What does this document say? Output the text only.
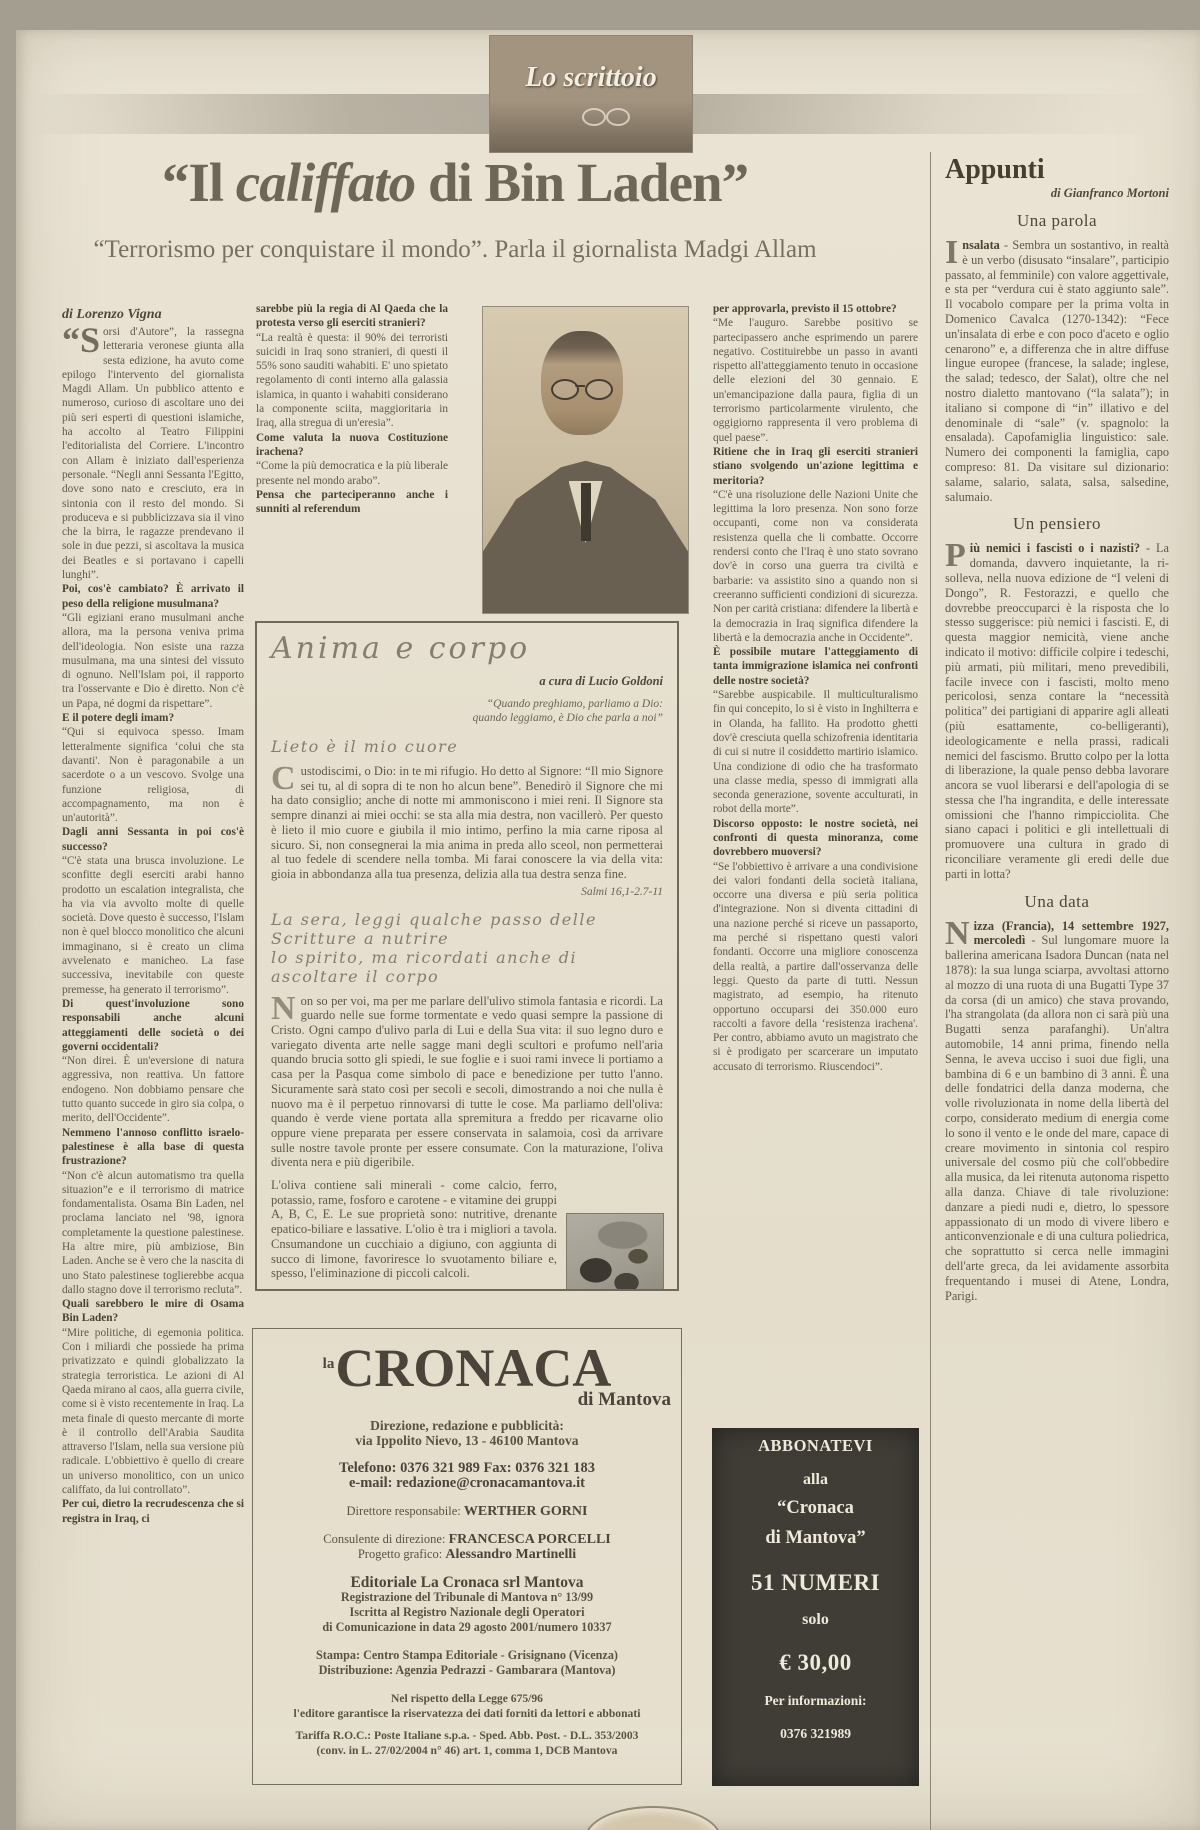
Lo scrittoio
“Il califfato di Bin Laden”
“Terrorismo per conquistare il mondo”. Parla il giornalista Madgi Allam
di Lorenzo Vigna
“Sorsi d'Autore”, la rassegna letteraria veronese giunta alla sesta edizione, ha avuto come epilogo l'intervento del giornalista Magdi Allam. Un pubblico attento e numeroso, curioso di ascoltare uno dei più seri esperti di questioni islamiche, ha accolto al Teatro Filippini l'editorialista del Corriere. L'incontro con Allam è iniziato dall'esperienza personale. “Negli anni Sessanta l'Egitto, dove sono nato e cresciuto, era in sintonia con il resto del mondo. Si produceva e si pubblicizzava sia il vino che la birra, le ragazze prendevano il sole in due pezzi, si ascoltava la musica dei Beatles e si portavano i capelli lunghi”.
Poi, cos'è cambiato? È arrivato il peso della religione musulmana?
“Gli egiziani erano musulmani anche allora, ma la persona veniva prima dell'ideologia. Non esiste una razza musulmana, ma una sintesi del vissuto di ognuno. Nell'Islam poi, il rapporto tra l'osservante e Dio è diretto. Non c'è un Papa, né dogmi da rispettare”.
E il potere degli imam?
“Qui si equivoca spesso. Imam letteralmente significa ‘colui che sta davanti'. Non è paragonabile a un sacerdote o a un vescovo. Svolge una funzione religiosa, di accompagnamento, ma non è un'autorità”.
Dagli anni Sessanta in poi cos'è successo?
“C'è stata una brusca involuzione. Le sconfitte degli eserciti arabi hanno prodotto un escalation integralista, che ha via via avvolto molte di quelle società. Dove questo è successo, l'Islam non è quel blocco monolitico che alcuni immaginano, si è creato un clima avvelenato e manicheo. La fase successiva, inevitabile con queste premesse, ha generato il terrorismo”.
Di quest'involuzione sono responsabili anche alcuni atteggiamenti delle società o dei governi occidentali?
“Non direi. È un'eversione di natura aggressiva, non reattiva. Un fattore endogeno. Non dobbiamo pensare che tutto quanto succede in giro sia colpa, o merito, dell'Occidente”.
Nemmeno l'annoso conflitto israelo-palestinese è alla base di questa frustrazione?
“Non c'è alcun automatismo tra quella situazion”e e il terrorismo di matrice fondamentalista. Osama Bin Laden, nel proclama lanciato nel '98, ignora completamente la questione palestinese. Ha altre mire, più ambiziose, Bin Laden. Anche se è vero che la nascita di uno Stato palestinese toglierebbe acqua dallo stagno dove il terrorismo recluta”.
Quali sarebbero le mire di Osama Bin Laden?
“Mire politiche, di egemonia politica. Con i miliardi che possiede ha prima privatizzato e quindi globalizzato la strategia terroristica. Le azioni di Al Qaeda mirano al caos, alla guerra civile, come si è visto recentemente in Iraq. La meta finale di questo mercante di morte è il controllo dell'Arabia Saudita attraverso l'Islam, nella sua versione più radicale. L'obbiettivo è quello di creare un universo monolitico, con un unico califfato, da lui controllato”.
Per cui, dietro la recrudescenza che si registra in Iraq, ci
sarebbe più la regia di Al Qaeda che la protesta verso gli eserciti stranieri?
“La realtà è questa: il 90% dei terroristi suicidi in Iraq sono stranieri, di questi il 55% sono sauditi wahabiti. E' uno spietato regolamento di conti interno alla galassia islamica, in quanto i wahabiti considerano la componente sciita, maggioritaria in Iraq, alla stregua di un'eresia”.
Come valuta la nuova Costituzione irachena?
“Come la più democratica e la più liberale presente nel mondo arabo”.
Pensa che parteciperanno anche i sunniti al referendum
per approvarla, previsto il 15 ottobre?
“Me l'auguro. Sarebbe positivo se partecipassero anche esprimendo un parere negativo. Costituirebbe un passo in avanti rispetto all'atteggiamento tenuto in occasione delle elezioni del 30 gennaio. E un'emancipazione dalla paura, figlia di un terrorismo particolarmente virulento, che oggigiorno rappresenta il vero problema di quel paese”.
Ritiene che in Iraq gli eserciti stranieri stiano svolgendo un'azione legittima e meritoria?
“C'è una risoluzione delle Nazioni Unite che legittima la loro presenza. Non sono forze occupanti, come non va considerata resistenza quella che li combatte. Occorre rendersi conto che l'Iraq è uno stato sovrano dov'è in corso una guerra tra civiltà e barbarie: va assistito sino a quando non si creeranno sufficienti condizioni di sicurezza. Non per carità cristiana: difendere la libertà e la democrazia in Iraq significa difendere la libertà e la democrazia anche in Occidente”.
È possibile mutare l'atteggiamento di tanta immigrazione islamica nei confronti delle nostre società?
“Sarebbe auspicabile. Il multiculturalismo fin qui concepito, lo si è visto in Inghilterra e in Olanda, ha fallito. Ha prodotto ghetti dov'è cresciuta quella schizofrenia identitaria di cui si nutre il cosiddetto martirio islamico. Una condizione di odio che ha trasformato una classe media, spesso di immigrati alla seconda generazione, sovente acculturati, in robot della morte”.
Discorso opposto: le nostre società, nei confronti di questa minoranza, come dovrebbero muoversi?
“Se l'obbiettivo è arrivare a una condivisione dei valori fondanti della società italiana, occorre una diversa e più seria politica d'integrazione. Non si diventa cittadini di una nazione perché si riceve un passaporto, ma perché si rispettano questi valori fondanti. Occorre una migliore conoscenza della realtà, a partire dall'osservanza delle leggi. Questo da parte di tutti. Nessun magistrato, ad esempio, ha ritenuto opportuno occuparsi dei 350.000 euro raccolti a favore della ‘resistenza irachena'. Per contro, abbiamo avuto un magistrato che si è prodigato per scarcerare un imputato accusato di terrorismo. Riuscendoci”.
Anima e corpo
a cura di Lucio Goldoni
“Quando preghiamo, parliamo a Dio:
quando leggiamo, è Dio che parla a noi”
Lieto è il mio cuore
Custodiscimi, o Dio: in te mi rifugio. Ho detto al Signore: “Il mio Signore sei tu, al di sopra di te non ho alcun bene”. Benedirò il Signore che mi ha dato consiglio; anche di notte mi ammoniscono i miei reni. Il Signore sta sempre dinanzi ai miei occhi: se sta alla mia destra, non vacillerò. Per questo è lieto il mio cuore e giubila il mio intimo, perfino la mia carne riposa al sicuro. Si, non consegnerai la mia anima in preda allo sceol, non permetterai al tuo fedele di scendere nella tomba. Mi farai conoscere la via della vita: gioia in abbondanza alla tua presenza, delizia alla tua destra senza fine.
Salmi 16,1-2.7-11
La sera, leggi qualche passo delle Scritture a nutrire
lo spirito, ma ricordati anche di ascoltare il corpo
Non so per voi, ma per me parlare dell'ulivo stimola fantasia e ricordi. La guardo nelle sue forme tormentate e vedo quasi sempre la passione di Cristo. Ogni campo d'ulivo parla di Lui e della Sua vita: il suo legno duro e variegato diventa arte nelle sagge mani degli scultori e profumo nell'aria quando brucia sotto gli spiedi, le sue foglie e i suoi rami invece li portiamo a casa per la Pasqua come simbolo di pace e benedizione per tutto l'anno. Sicuramente sarà stato così per secoli e secoli, dimostrando a noi che nulla è nuovo ma è il perpetuo rinnovarsi di tutte le cose. Ma parliamo dell'oliva: quando è verde viene portata alla spremitura a freddo per ricavarne olio oppure viene preparata per essere conservata in salamoia, così da arrivare sulle nostre tavole pronte per essere consumate. Con la maturazione, l'oliva diventa nera e più digeribile.
L'oliva contiene sali minerali - come calcio, ferro, potassio, rame, fosforo e carotene - e vitamine dei gruppi A, B, C, E. Le sue proprietà sono: nutritive, drenante epatico-biliare e lassative. L'olio è tra i migliori a tavola. Cnsumandone un cucchiaio a digiuno, con aggiunta di succo di limone, favoriresce lo svuotamento biliare e, spesso, l'eliminazione di piccoli calcoli.
laCRONACA
di Mantova
Direzione, redazione e pubblicità:
via Ippolito Nievo, 13 - 46100 Mantova
Telefono: 0376 321 989 Fax: 0376 321 183
e-mail: redazione@cronacamantova.it
Direttore responsabile: WERTHER GORNI
Consulente di direzione: FRANCESCA PORCELLI
Progetto grafico: Alessandro Martinelli
Editoriale La Cronaca srl Mantova
Registrazione del Tribunale di Mantova n° 13/99
Iscritta al Registro Nazionale degli Operatori
di Comunicazione in data 29 agosto 2001/numero 10337
Stampa: Centro Stampa Editoriale - Grisignano (Vicenza)
Distribuzione: Agenzia Pedrazzi - Gambarara (Mantova)
Nel rispetto della Legge 675/96
l'editore garantisce la riservatezza dei dati forniti da lettori e abbonati
Tariffa R.O.C.: Poste Italiane s.p.a. - Sped. Abb. Post. - D.L. 353/2003
(conv. in L. 27/02/2004 n° 46) art. 1, comma 1, DCB Mantova
ABBONATEVI
alla
“Cronaca
di Mantova”
51 NUMERI
solo
€ 30,00
Per informazioni:
0376 321989
Appunti
di Gianfranco Mortoni
Una parola
Insalata - Sembra un sostantivo, in realtà è un verbo (disusato “insalare”, participio passato, al femminile) con valore aggettivale, e sta per “verdura cui è stato aggiunto sale”. Il vocabolo compare per la prima volta in Domenico Cavalca (1270-1342): “Fece un'insalata di erbe e con poco d'aceto e oglio cenarono” e, a differenza che in altre diffuse lingue europee (francese, la salade; inglese, the salad; tedesco, der Salat), oltre che nel nostro dialetto mantovano (“la salata”); in italiano si compone di “in” illativo e del denominale di “sale” (v. spagnolo: la ensalada). Capofamiglia linguistico: sale. Numero dei componenti la famiglia, capo compreso: 81. Da visitare sul dizionario: salame, salario, salata, salsa, salsedine, salumaio.
Un pensiero
Più nemici i fascisti o i nazisti? - La domanda, davvero inquietante, la ri-solleva, nella nuova edizione de “I veleni di Dongo”, R. Festorazzi, e quello che dovrebbe preoccuparci è la risposta che lo stesso suggerisce: più nemici i fascisti. E, di questa maggior nemicità, viene anche indicato il motivo: difficile colpire i tedeschi, più armati, più militari, meno prevedibili, facile invece con i fascisti, molto meno pericolosi, senza contare la “necessità politica” dei partigiani di apparire agli alleati (più esattamente, co-belligeranti), ideologicamente e nella prassi, radicali nemici del fascismo. Brutto colpo per la lotta di liberazione, la quale penso debba lavorare ancora se vuol liberarsi e dell'apologia di se stessa che l'ha ingrandita, e delle interessate omissioni che l'hanno rimpicciolita. Che siano capaci i politici e gli intellettuali di promuovere una cultura in grado di riconciliare veramente gli eredi delle due parti in lotta?
Una data
Nizza (Francia), 14 settembre 1927, mercoledì - Sul lungomare muore la ballerina americana Isadora Duncan (nata nel 1878): la sua lunga sciarpa, avvoltasi attorno al mozzo di una ruota di una Bugatti Type 37 da corsa (di un amico) che stava provando, l'ha strangolata (da allora non ci sarà più una Bugatti senza parafanghi). Un'altra automobile, 14 anni prima, finendo nella Senna, le aveva ucciso i suoi due figli, una bambina di 6 e un bambino di 3 anni. È una delle fondatrici della danza moderna, che volle rivoluzionata in nome della libertà del corpo, considerato medium di energia come lo sono il vento e le onde del mare, capace di creare movimento in sintonia col respiro universale del cosmo più che coll'obbedire alla musica, da lei ritenuta autonoma rispetto alla danza. Chiave di tale rivoluzione: danzare a piedi nudi e, dietro, lo spessore appassionato di un modo di vivere libero e anticonvenzionale e di una cultura poliedrica, che soprattutto si cerca nelle immagini dell'arte greca, da lei avidamente assorbita frequentando i musei di Atene, Londra, Parigi.
